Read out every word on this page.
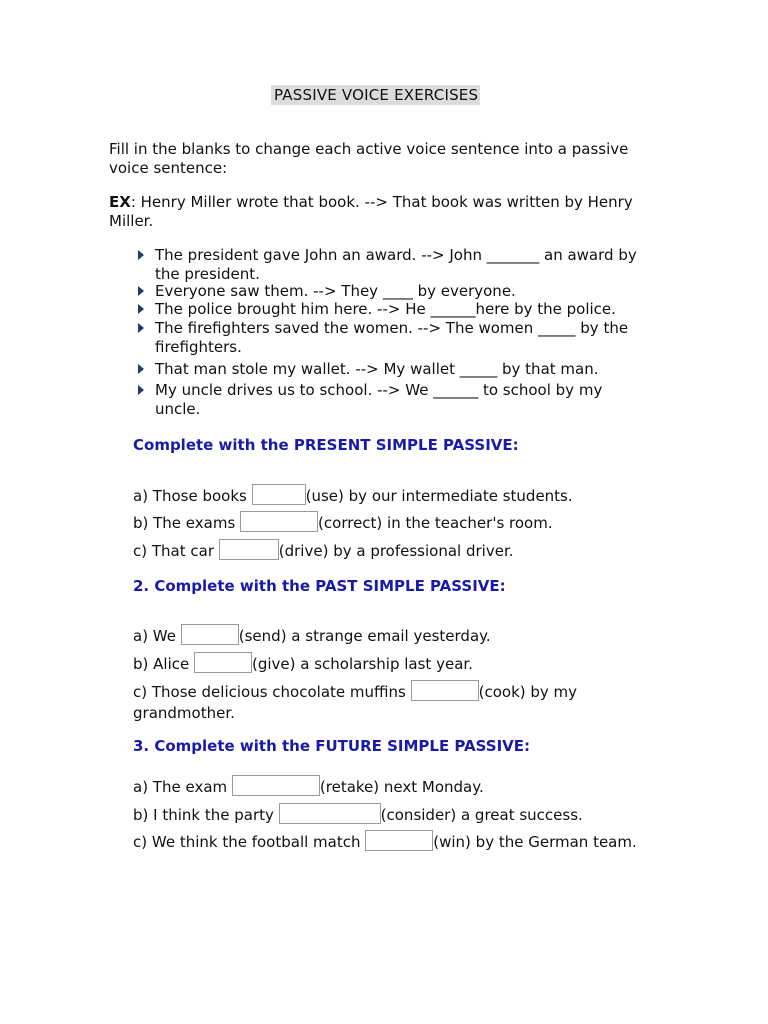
PASSIVE VOICE EXERCISES
Fill in the blanks to change each active voice sentence into a passive voice sentence:
EX: Henry Miller wrote that book. --> That book was written by Henry Miller.
The president gave John an award. --> John _______ an award by the president.
Everyone saw them. --> They ____ by everyone.
The police brought him here. --> He ______here by the police.
The firefighters saved the women. --> The women _____ by the firefighters.
That man stole my wallet. --> My wallet _____ by that man.
My uncle drives us to school. --> We ______ to school by my uncle.
Complete with the PRESENT SIMPLE PASSIVE:
a) Those books	(use) by our intermediate students.
b) The exams	(correct) in the teacher's room.
c) That car	(drive) by a professional driver.
2. Complete with the PAST SIMPLE PASSIVE:
a) We	(send) a strange email yesterday.
b) Alice	(give) a scholarship last year.
c) Those delicious chocolate muffins	(cook) by my grandmother.
3. Complete with the FUTURE SIMPLE PASSIVE:
a) The exam	(retake) next Monday.
b) I think the party	(consider) a great success.
c) We think the football match	(win) by the German team.
